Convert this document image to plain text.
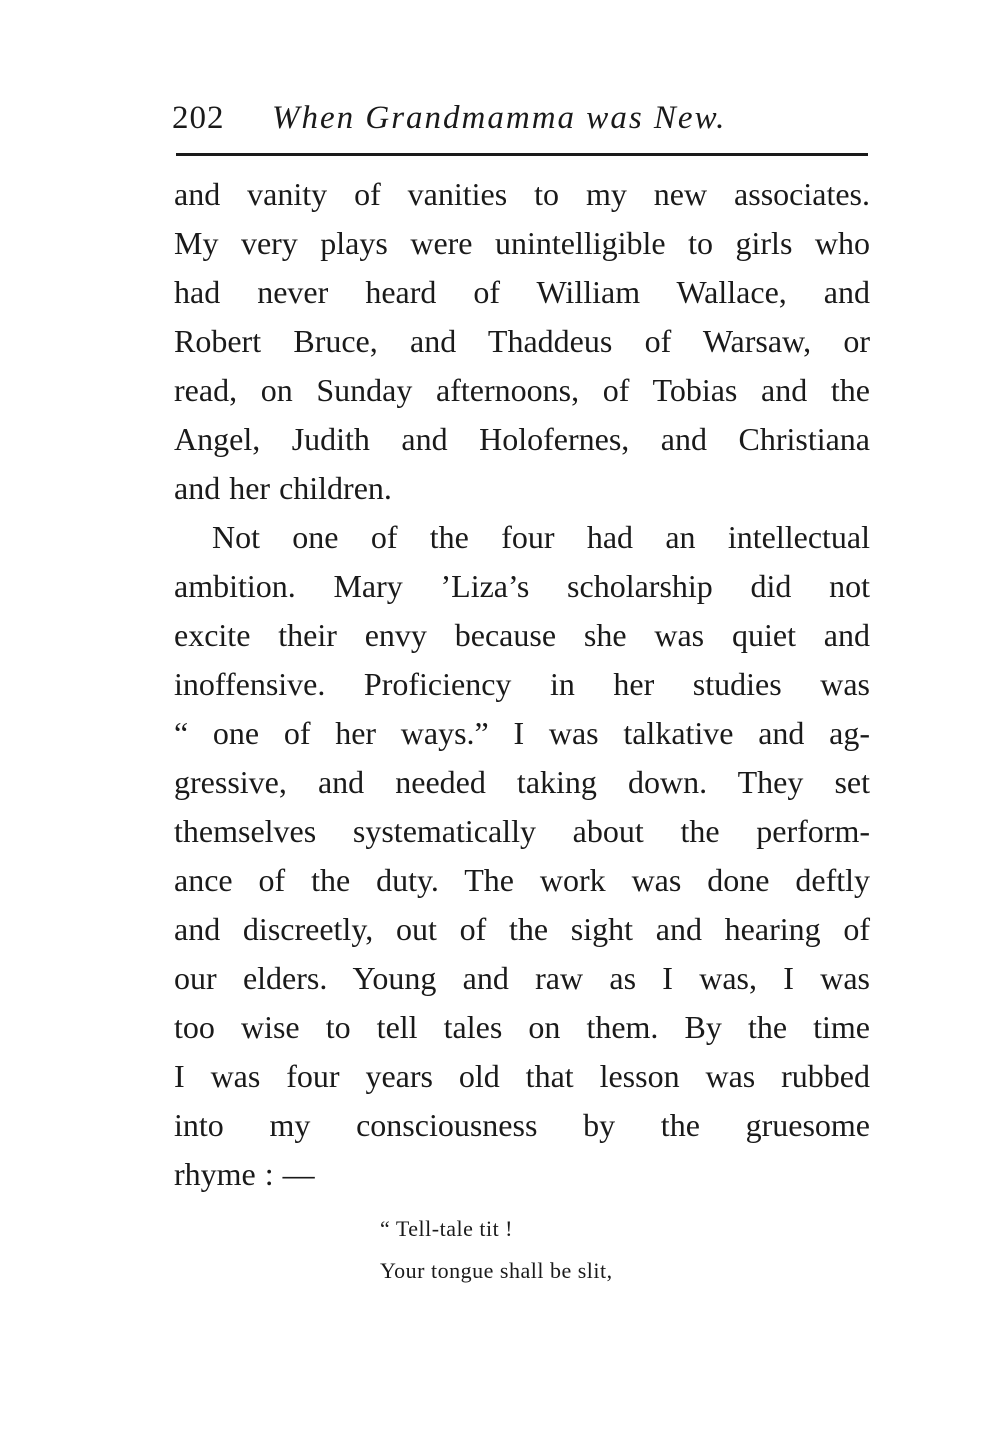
202 When Grandmamma was New.
and vanity of vanities to my new associates.
My very plays were unintelligible to girls who
had never heard of William Wallace, and
Robert Bruce, and Thaddeus of Warsaw, or
read, on Sunday afternoons, of Tobias and the
Angel, Judith and Holofernes, and Christiana
and her children.
Not one of the four had an intellectual
ambition. Mary ’Liza’s scholarship did not
excite their envy because she was quiet and
inoffensive. Proficiency in her studies was
“ one of her ways.” I was talkative and ag-
gressive, and needed taking down. They set
themselves systematically about the perform-
ance of the duty. The work was done deftly
and discreetly, out of the sight and hearing of
our elders. Young and raw as I was, I was
too wise to tell tales on them. By the time
I was four years old that lesson was rubbed
into my consciousness by the gruesome
rhyme : —
“ Tell-tale tit !
Your tongue shall be slit,
